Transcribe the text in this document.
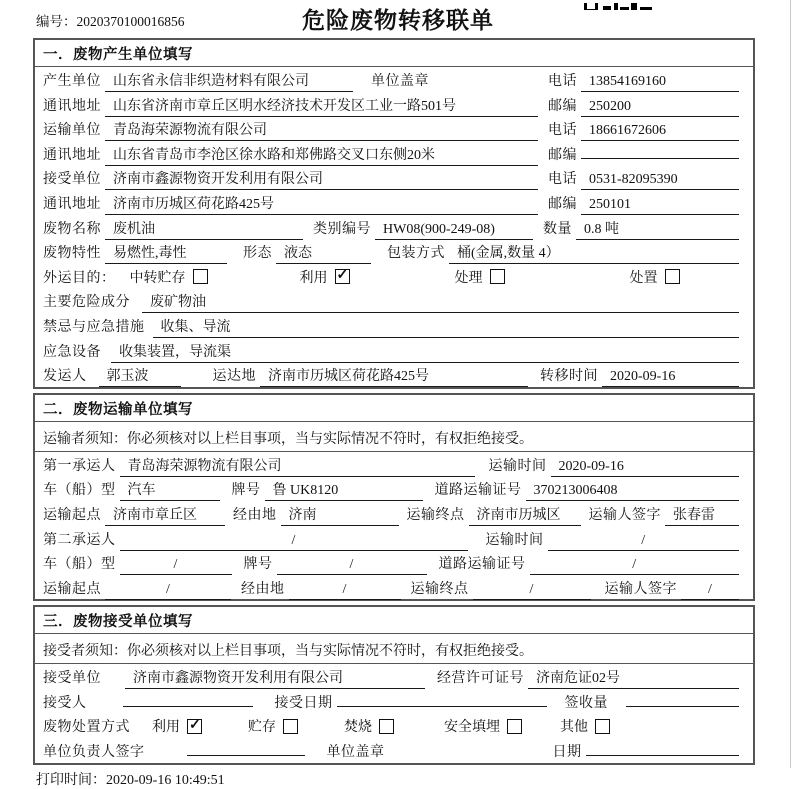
编号：2020370100016856	危险废物转移联单
一．废物产生单位填写
产生单位 山东省永信非织造材料有限公司	单位盖章	电话 13854169160
通讯地址 山东省济南市章丘区明水经济技术开发区工业一路501号	邮编 250200
运输单位 青岛海荣源物流有限公司	电话 18661672606
通讯地址 山东省青岛市李沧区徐水路和郑佛路交叉口东侧20米	邮编
接受单位 济南市鑫源物资开发利用有限公司	电话 0531-82095390
通讯地址 济南市历城区荷花路425号	邮编 250101
废物名称 废机油	类别编号 HW08(900-249-08)	数量 0.8 吨
废物特性 易燃性,毒性	形态 液态	包装方式 桶(金属,数量 4）
外运目的： 中转贮存	利用 ✓	处理	处置
主要危险成分	废矿物油
禁忌与应急措施	收集、导流
应急设备	收集装置，导流渠
发运人	郭玉波	运达地 济南市历城区荷花路425号	转移时间 2020-09-16
二．废物运输单位填写
运输者须知：你必须核对以上栏目事项，当与实际情况不符时，有权拒绝接受。
第一承运人 青岛海荣源物流有限公司	运输时间 2020-09-16
车（船）型 汽车	牌号 鲁 UK8120	道路运输证号 370213006408
运输起点 济南市章丘区	经由地 济南	运输终点 济南市历城区	运输人签字 张春雷
第二承运人	/	运输时间	/
车（船）型	/	牌号	/	道路运输证号	/
运输起点	/	经由地	/	运输终点	/	运输人签字	/
三．废物接受单位填写
接受者须知：你必须核对以上栏目事项，当与实际情况不符时，有权拒绝接受。
接受单位	济南市鑫源物资开发利用有限公司	经营许可证号 济南危证02号
接受人	接受日期	签收量
废物处置方式 利用 ✓	贮存	焚烧	安全填埋	其他
单位负责人签字	单位盖章	日期
打印时间：2020-09-16 10:49:51
